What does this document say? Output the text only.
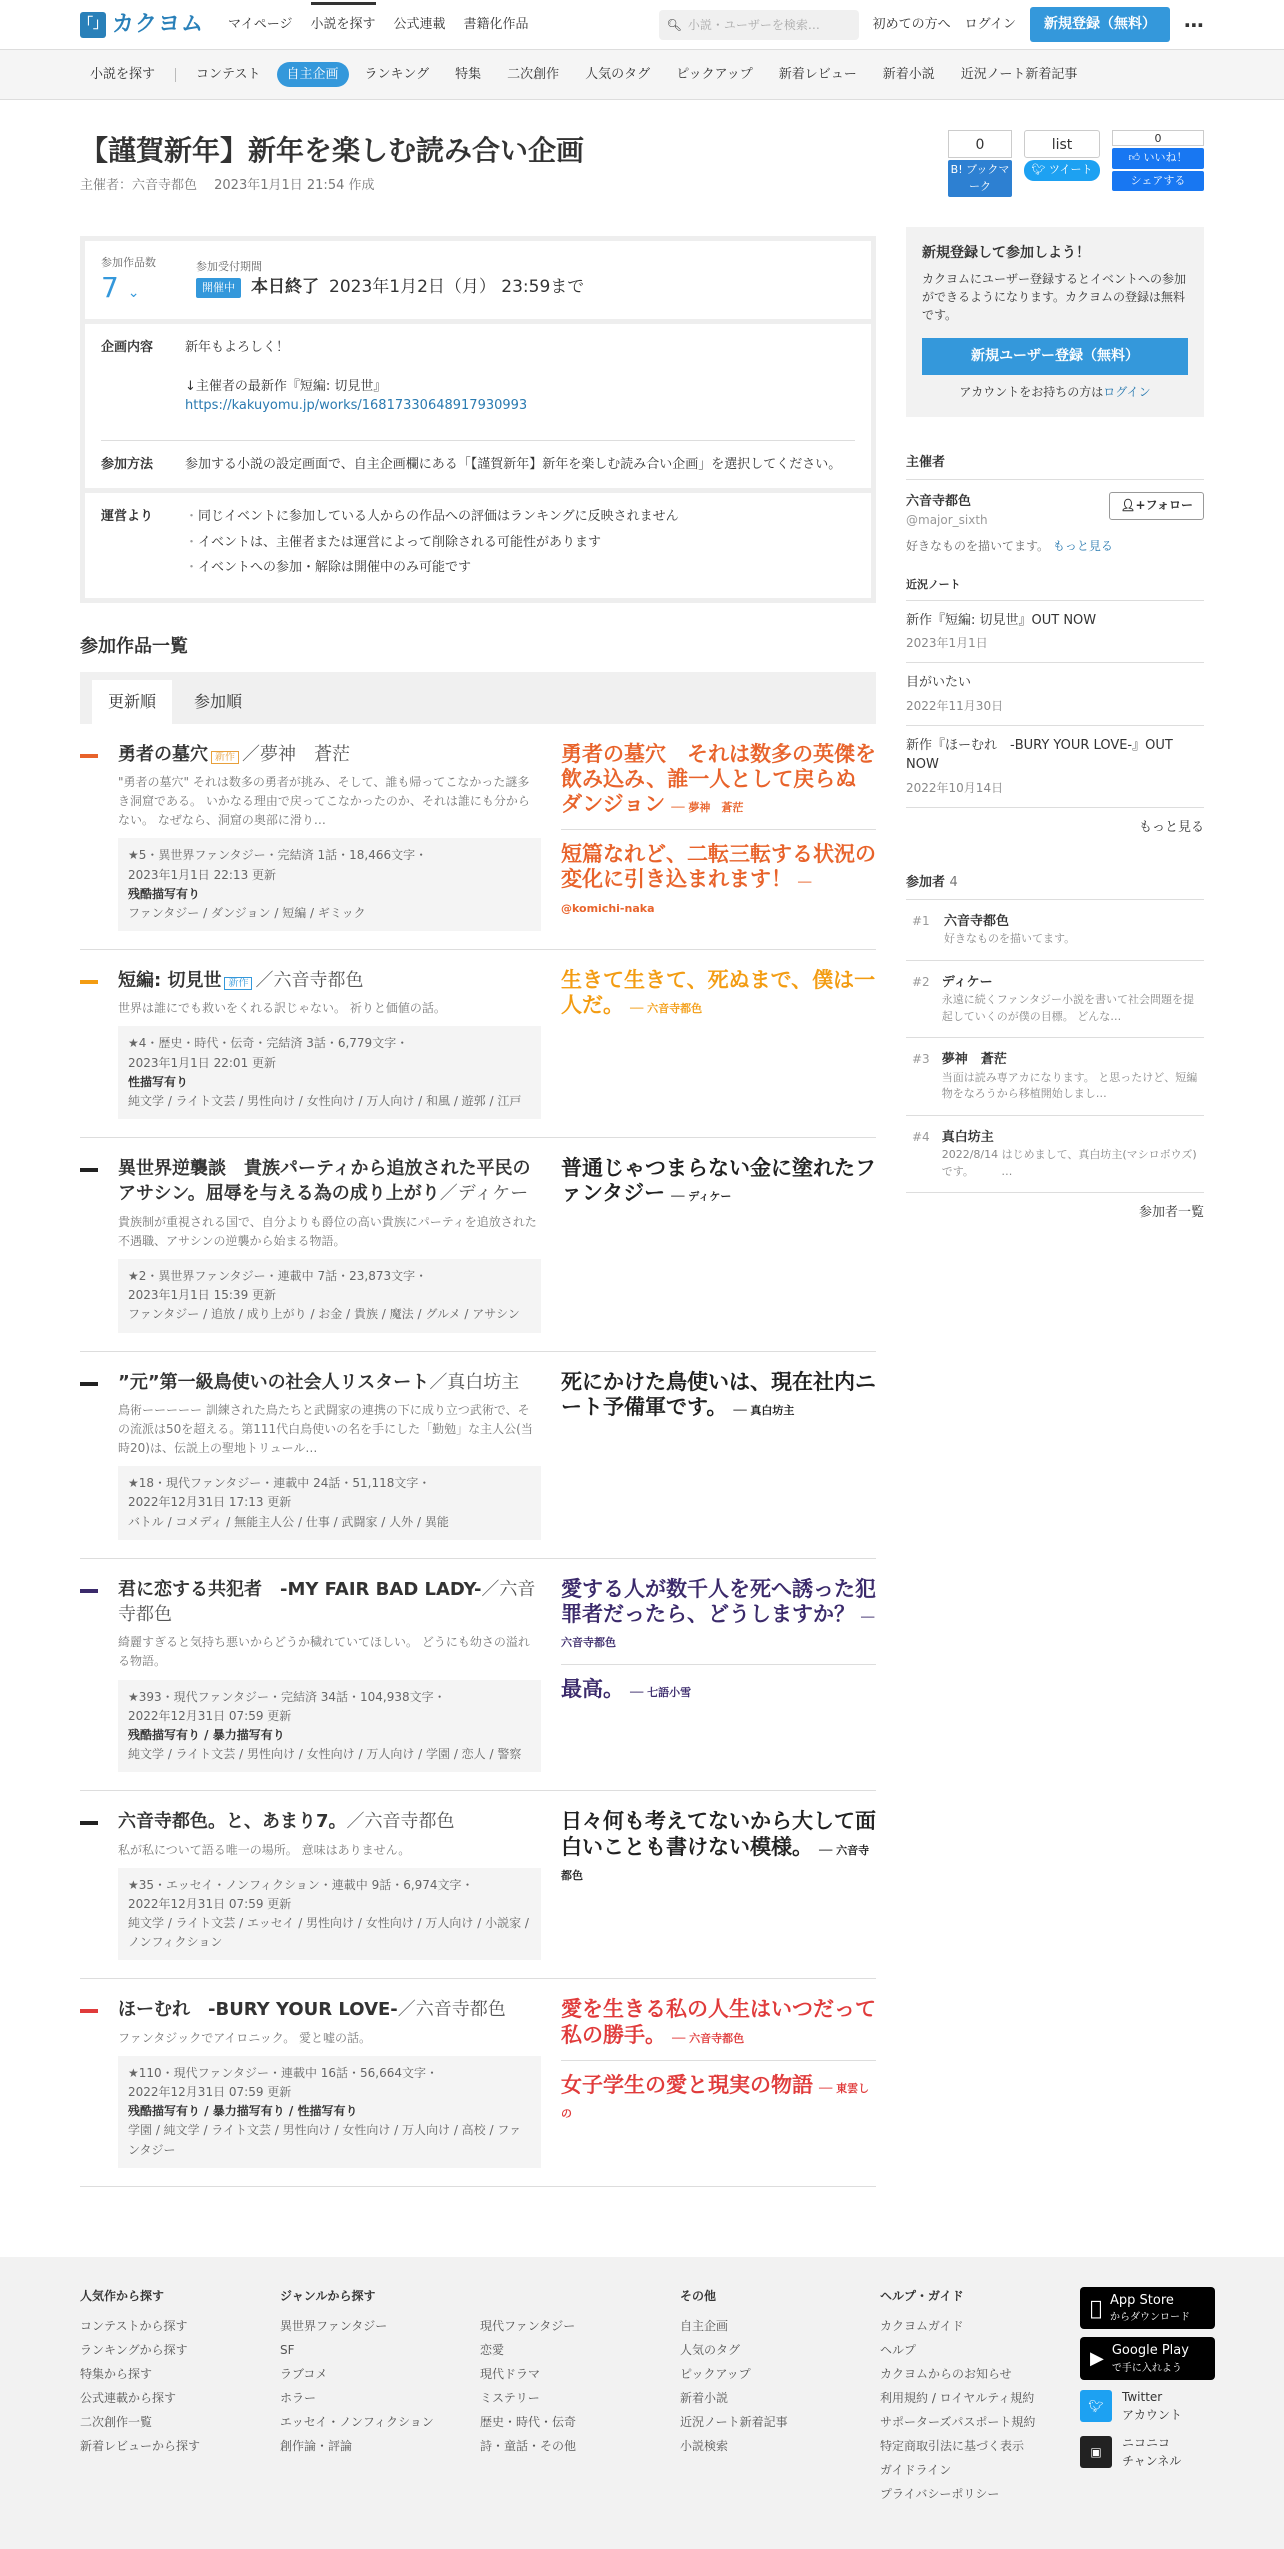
「」 カクヨム マイページ 小説を探す 公式連載 書籍化作品	🔍︎ 小説・ユーザーを検索…	初めての方へ ログイン	新規登録（無料）	⋯
小説を探す	コンテスト	自主企画	ランキング	特集	二次創作	人気のタグ	ピックアップ	新着レビュー	新着小説	近況ノート新着記事
【謹賀新年】新年を楽しむ読み合い企画
主催者：六音寺都色　 2023年1月1日 21:54 作成
参加作品数
7 ⌄
参加受付期間
開催中 本日終了 2023年1月2日（月） 23:59まで
企画内容	新年もよろしく！

↓主催者の最新作『短編: 切見世』

https://kakuyomu.jp/works/16817330648917930993

参加方法	参加する小説の設定画面で、自主企画欄にある「【謹賀新年】新年を楽しむ読み合い企画」を選択してください。
運営より
・	同じイベントに参加している人からの作品への評価はランキングに反映されません
・ イベントは、主催者または運営によって削除される可能性があります
・ イベントへの参加・解除は開催中のみ可能です
参加作品一覧
更新順	参加順
勇者の墓穴 新作 ／夢神　蒼茫
"勇者の墓穴" それは数多の勇者が挑み、そして、誰も帰ってこなかった謎多き洞窟である。 いかなる理由で戻ってこなかったのか、それは誰にも分からない。 なぜなら、洞窟の奥部に滑り…
★5・異世界ファンタジー・完結済 1話・18,466文字・
2023年1月1日 22:13 更新
残酷描写有り
ファンタジー / ダンジョン / 短編 / ギミック
勇者の墓穴　それは数多の英傑を飲み込み、誰一人として戻らぬダンジョン ── 夢神　蒼茫
短篇なれど、二転三転する状況の変化に引き込まれます！ ── @komichi-naka
短編: 切見世 新作 ／六音寺都色
世界は誰にでも救いをくれる訳じゃない。 祈りと価値の話。
★4・歴史・時代・伝奇・完結済 3話・6,779文字・
2023年1月1日 22:01 更新
性描写有り
純文学 / ライト文芸 / 男性向け / 女性向け / 万人向け / 和風 / 遊郭 / 江戸
生きて生きて、死ぬまで、僕は一人だ。 ── 六音寺都色
異世界逆襲談　貴族パーティから追放された平民のアサシン。屈辱を与える為の成り上がり／ディケー
貴族制が重視される国で、自分よりも爵位の高い貴族にパーティを追放された不遇職、アサシンの逆襲から始まる物語。
★2・異世界ファンタジー・連載中 7話・23,873文字・
2023年1月1日 15:39 更新
ファンタジー / 追放 / 成り上がり / お金 / 貴族 / 魔法 / グルメ / アサシン
普通じゃつまらない金に塗れたファンタジー ── ディケー
”元”第一級鳥使いの社会人リスタート／真白坊主
鳥術ーーーーー 訓練された鳥たちと武闘家の連携の下に成り立つ武術で、その流派は50を超える。第111代白鳥使いの名を手にした「勤勉」な主人公(当時20)は、伝説上の聖地トリュール…
★18・現代ファンタジー・連載中 24話・51,118文字・
2022年12月31日 17:13 更新
バトル / コメディ / 無能主人公 / 仕事 / 武闘家 / 人外 / 異能
死にかけた鳥使いは、現在社内ニート予備軍です。 ── 真白坊主
君に恋する共犯者　-MY FAIR BAD LADY-／六音寺都色
綺麗すぎると気持ち悪いからどうか穢れていてほしい。 どうにも幼さの溢れる物語。
★393・現代ファンタジー・完結済 34話・104,938文字・
2022年12月31日 07:59 更新
残酷描写有り / 暴力描写有り
純文学 / ライト文芸 / 男性向け / 女性向け / 万人向け / 学園 / 恋人 / 警察
愛する人が数千人を死へ誘った犯罪者だったら、どうしますか？ ── 六音寺都色
最高。 ── 七語小雪
六音寺都色。と、あまり7。／六音寺都色
私が私について語る唯一の場所。 意味はありません。
★35・エッセイ・ノンフィクション・連載中 9話・6,974文字・
2022年12月31日 07:59 更新
純文学 / ライト文芸 / エッセイ / 男性向け / 女性向け / 万人向け / 小説家 / ノンフィクション
日々何も考えてないから大して面白いことも書けない模様。 ── 六音寺都色
ほーむれ　-BURY YOUR LOVE-／六音寺都色
ファンタジックでアイロニック。 愛と嘘の話。
★110・現代ファンタジー・連載中 16話・56,664文字・
2022年12月31日 07:59 更新
残酷描写有り / 暴力描写有り / 性描写有り
学園 / 純文学 / ライト文芸 / 男性向け / 女性向け / 万人向け / 高校 / ファンタジー
愛を生きる私の人生はいつだって私の勝手。 ── 六音寺都色
女子学生の愛と現実の物語 ── 東雲しの
0
B! ブックマーク
list
🐦︎ ツイート
0
👍︎ いいね！
シェアする
新規登録して参加しよう！

カクヨムにユーザー登録するとイベントへの参加ができるようになります。カクヨムの登録は無料です。

新規ユーザー登録（無料）

アカウントをお持ちの方はログイン

主催者
六音寺都色
@major_sixth
👤︎+フォロー

好きなものを描いてます。 もっと見る

近況ノート
新作『短編: 切見世』OUT NOW
2023年1月1日
目がいたい
2022年11月30日
新作『ほーむれ　-BURY YOUR LOVE-』OUT NOW
2022年10月14日

もっと見る

参加者 4
#1 六音寺都色
好きなものを描いてます。
#2 ディケー
永遠に続くファンタジー小説を書いて社会問題を提起していくのが僕の目標。 どんな…
#3 夢神　蒼茫
当面は読み専アカになります。 と思ったけど、短編物をなろうから移植開始しまし…
#4 真白坊主
2022/8/14 はじめまして、真白坊主(マシロボウズ)です。　　　…

参加者一覧

人気作から探す

コンテストから探す

ランキングから探す

特集から探す

公式連載から探す

二次創作一覧

新着レビューから探す

ジャンルから探す

異世界ファンタジー

SF

ラブコメ

ホラー

エッセイ・ノンフィクション

創作論・評論

現代ファンタジー

恋愛

現代ドラマ

ミステリー

歴史・時代・伝奇

詩・童話・その他

その他

自主企画

人気のタグ

ピックアップ

新着小説

近況ノート新着記事

小説検索

ヘルプ・ガイド

カクヨムガイド

ヘルプ

カクヨムからのお知らせ

利用規約 / ロイヤルティ規約

サポーターズパスポート規約

特定商取引法に基づく表示

ガイドライン

プライバシーポリシー

App Store
からダウンロード
▶ Google Play
で手に入れよう
🐦︎
Twitter
アカウント
▣
ニコニコ
チャンネル
